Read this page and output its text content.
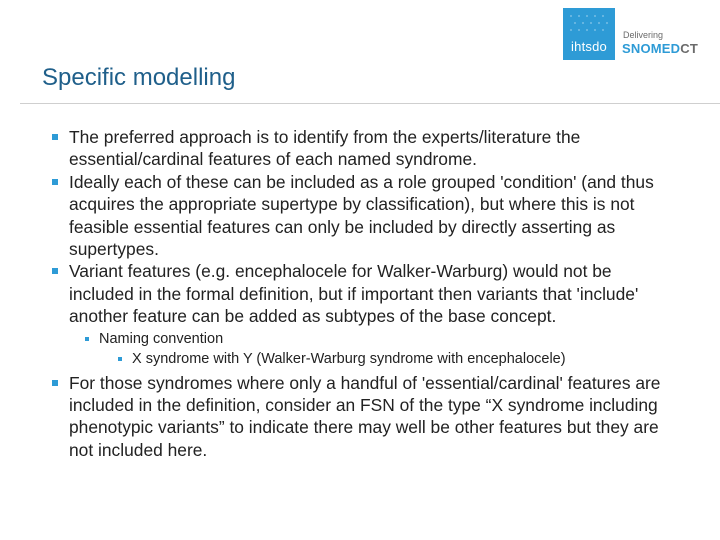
ihtsdo
Delivering
SNOMEDCT
Specific modelling
The preferred approach is to identify from the experts/literature the essential/cardinal features of each named syndrome.
Ideally each of these can be included as a role grouped 'condition' (and thus acquires the appropriate supertype by classification), but where this is not feasible essential features can only be included by directly asserting as supertypes.
Variant features (e.g. encephalocele for Walker-Warburg) would not be included in the formal definition, but if important then variants that 'include' another feature can be added as subtypes of the base concept.
Naming convention
X syndrome with Y (Walker-Warburg syndrome with encephalocele)
For those syndromes where only a handful of 'essential/cardinal' features are included in the definition, consider an FSN of the type “X syndrome including phenotypic variants” to indicate there may well be other features but they are not included here.
